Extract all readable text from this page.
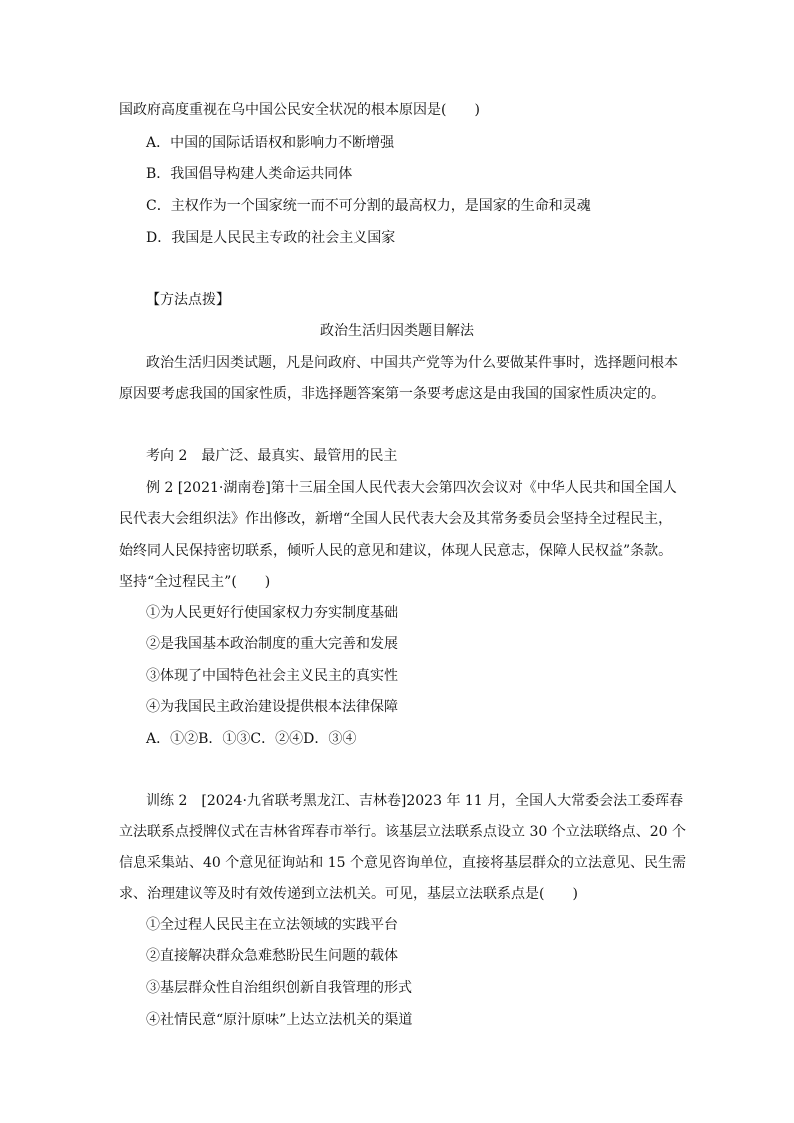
国政府高度重视在乌中国公民安全状况的根本原因是(　　)
A．中国的国际话语权和影响力不断增强
B．我国倡导构建人类命运共同体
C．主权作为一个国家统一而不可分割的最高权力，是国家的生命和灵魂
D．我国是人民民主专政的社会主义国家
【方法点拨】
政治生活归因类题目解法
政治生活归因类试题，凡是问政府、中国共产党等为什么要做某件事时，选择题问根本
原因要考虑我国的国家性质，非选择题答案第一条要考虑这是由我国的国家性质决定的。
考向 2　最广泛、最真实、最管用的民主
例 2 [2021·湖南卷]第十三届全国人民代表大会第四次会议对《中华人民共和国全国人
民代表大会组织法》作出修改，新增“全国人民代表大会及其常务委员会坚持全过程民主，
始终同人民保持密切联系，倾听人民的意见和建议，体现人民意志，保障人民权益”条款。
坚持“全过程民主”(　　)
①为人民更好行使国家权力夯实制度基础
②是我国基本政治制度的重大完善和发展
③体现了中国特色社会主义民主的真实性
④为我国民主政治建设提供根本法律保障
A．①②B．①③C．②④D．③④
训练 2　[2024·九省联考黑龙江、吉林卷]2023 年 11 月，全国人大常委会法工委珲春
立法联系点授牌仪式在吉林省珲春市举行。该基层立法联系点设立 30 个立法联络点、20 个
信息采集站、40 个意见征询站和 15 个意见咨询单位，直接将基层群众的立法意见、民生需
求、治理建议等及时有效传递到立法机关。可见，基层立法联系点是(　　)
①全过程人民民主在立法领域的实践平台
②直接解决群众急难愁盼民生问题的载体
③基层群众性自治组织创新自我管理的形式
④社情民意“原汁原味”上达立法机关的渠道
